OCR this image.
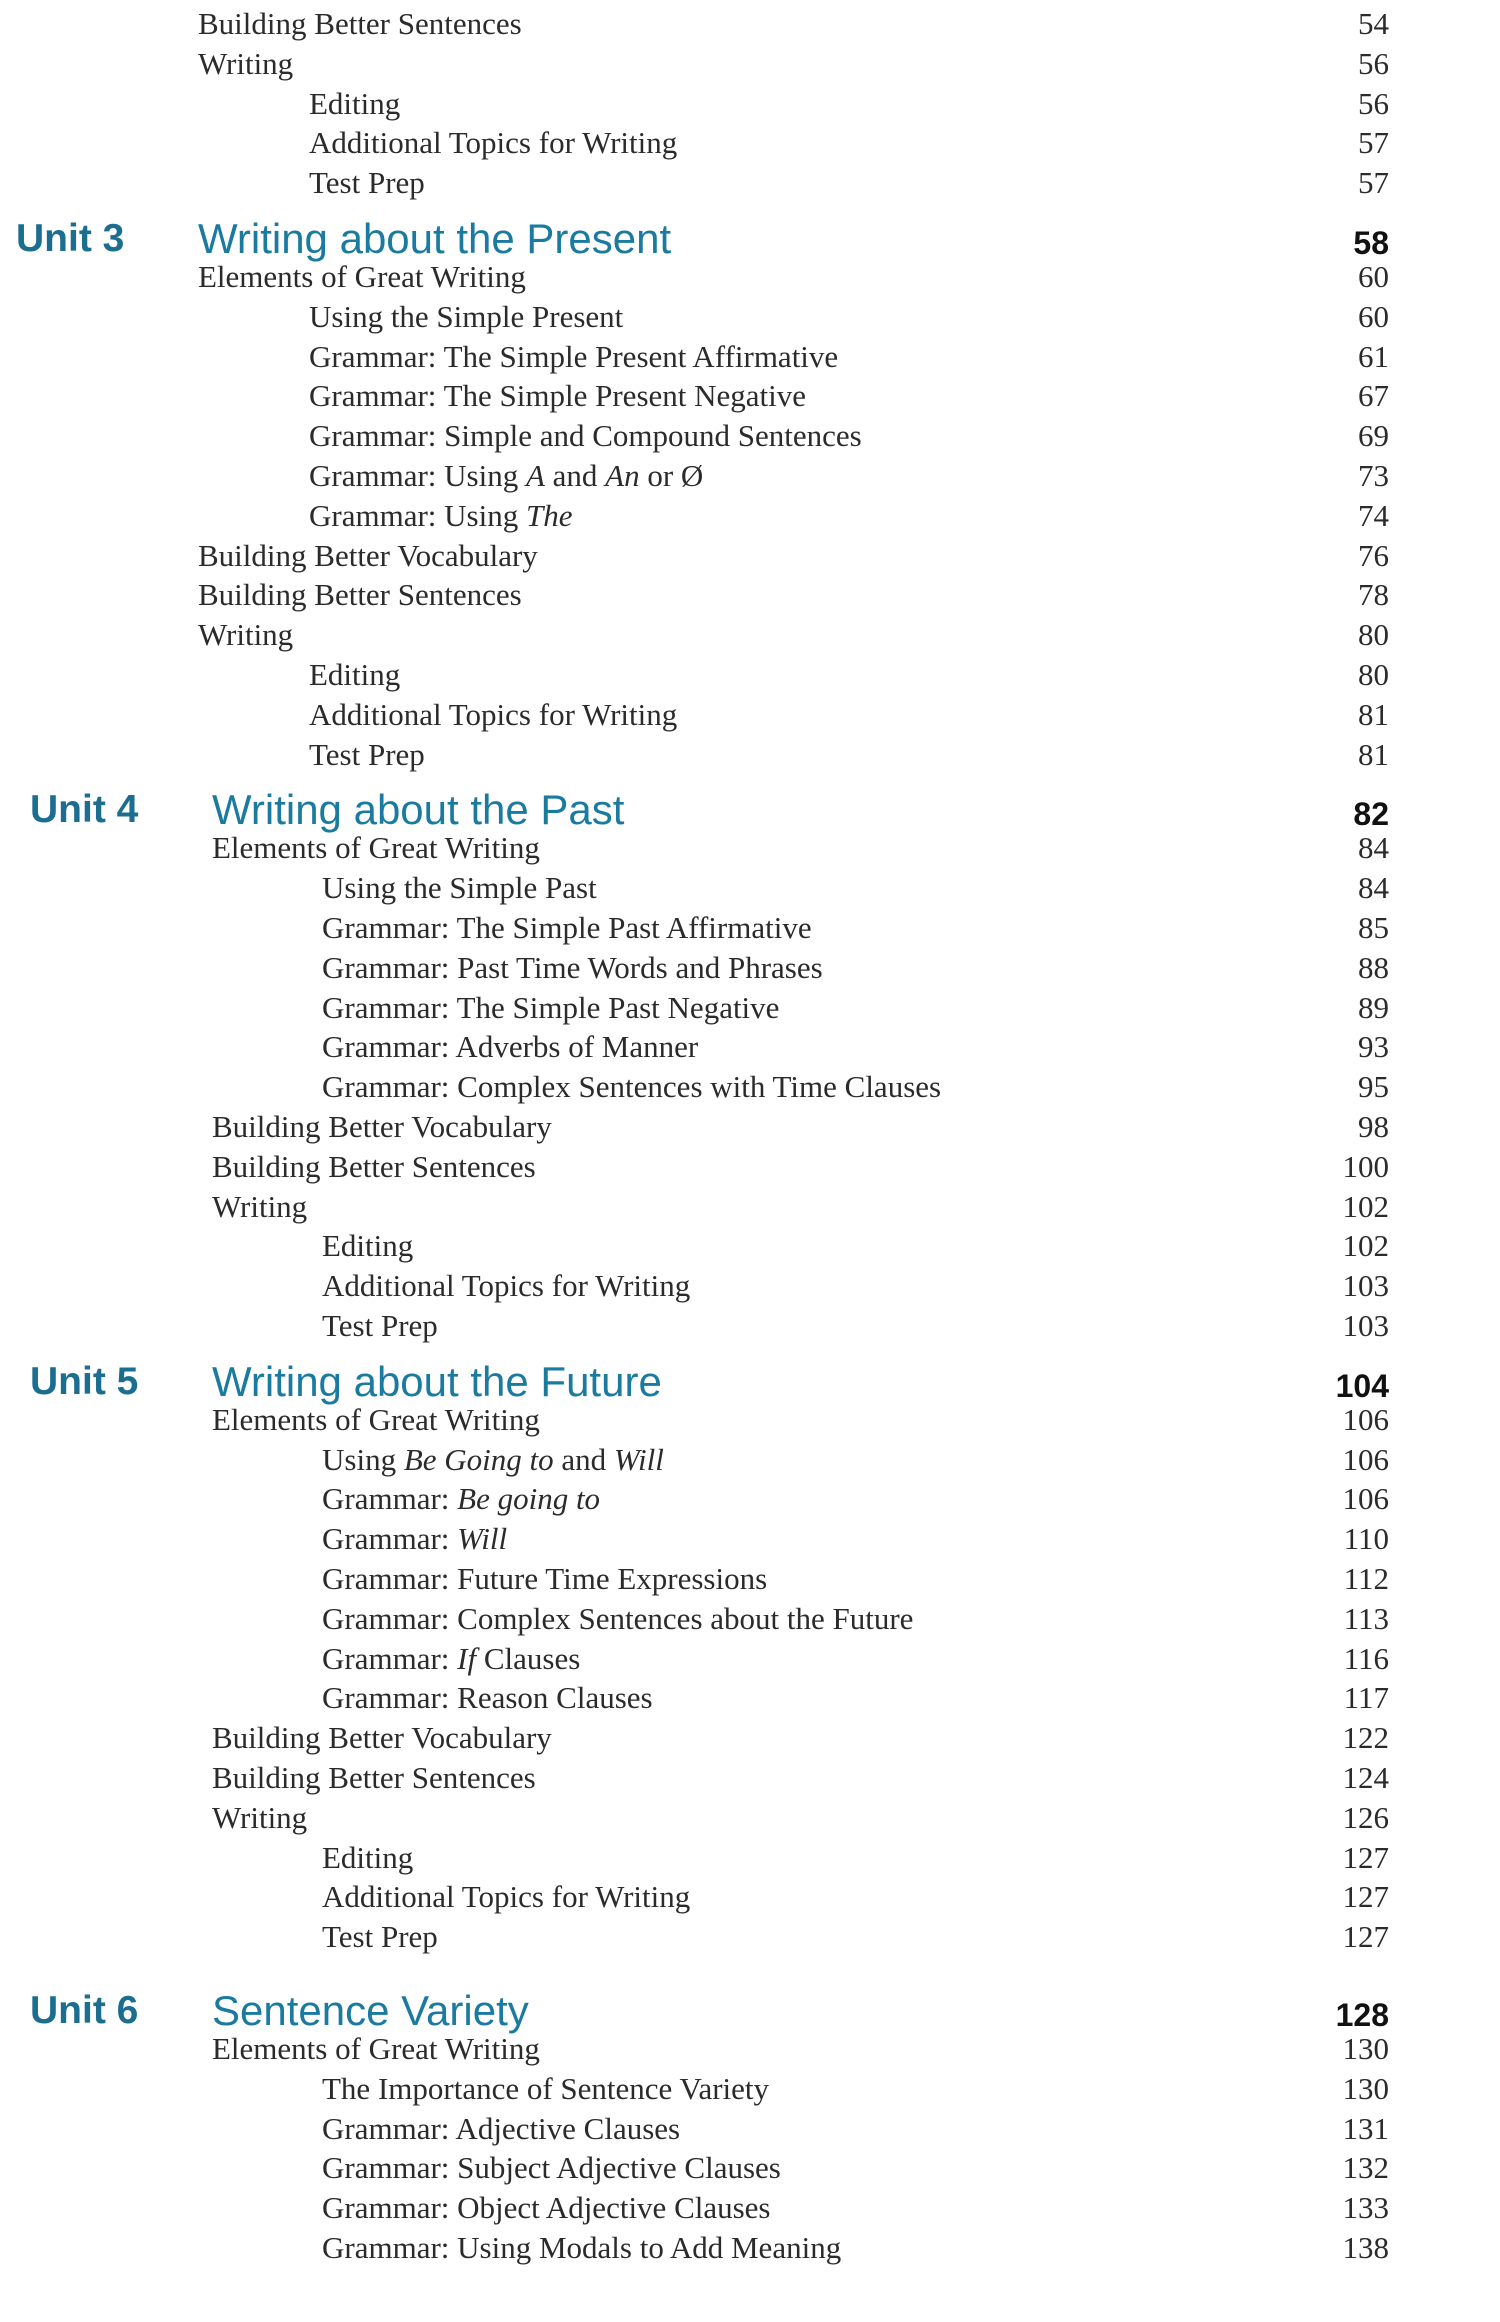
Building Better Sentences	54
Writing	56
Editing	56
Additional Topics for Writing	57
Test Prep	57
Unit 3 Writing about the Present	58
Elements of Great Writing	60
Using the Simple Present	60
Grammar: The Simple Present Affirmative	61
Grammar: The Simple Present Negative	67
Grammar: Simple and Compound Sentences	69
Grammar: Using A and An or Ø	73
Grammar: Using The	74
Building Better Vocabulary	76
Building Better Sentences	78
Writing	80
Editing	80
Additional Topics for Writing	81
Test Prep	81
Unit 4 Writing about the Past	82
Elements of Great Writing	84
Using the Simple Past	84
Grammar: The Simple Past Affirmative	85
Grammar: Past Time Words and Phrases	88
Grammar: The Simple Past Negative	89
Grammar: Adverbs of Manner	93
Grammar: Complex Sentences with Time Clauses	95
Building Better Vocabulary	98
Building Better Sentences	100
Writing	102
Editing	102
Additional Topics for Writing	103
Test Prep	103
Unit 5 Writing about the Future	104
Elements of Great Writing	106
Using Be Going to and Will	106
Grammar: Be going to	106
Grammar: Will	110
Grammar: Future Time Expressions	112
Grammar: Complex Sentences about the Future	113
Grammar: If Clauses	116
Grammar: Reason Clauses	117
Building Better Vocabulary	122
Building Better Sentences	124
Writing	126
Editing	127
Additional Topics for Writing	127
Test Prep	127
Unit 6 Sentence Variety	128
Elements of Great Writing	130
The Importance of Sentence Variety	130
Grammar: Adjective Clauses	131
Grammar: Subject Adjective Clauses	132
Grammar: Object Adjective Clauses	133
Grammar: Using Modals to Add Meaning	138
